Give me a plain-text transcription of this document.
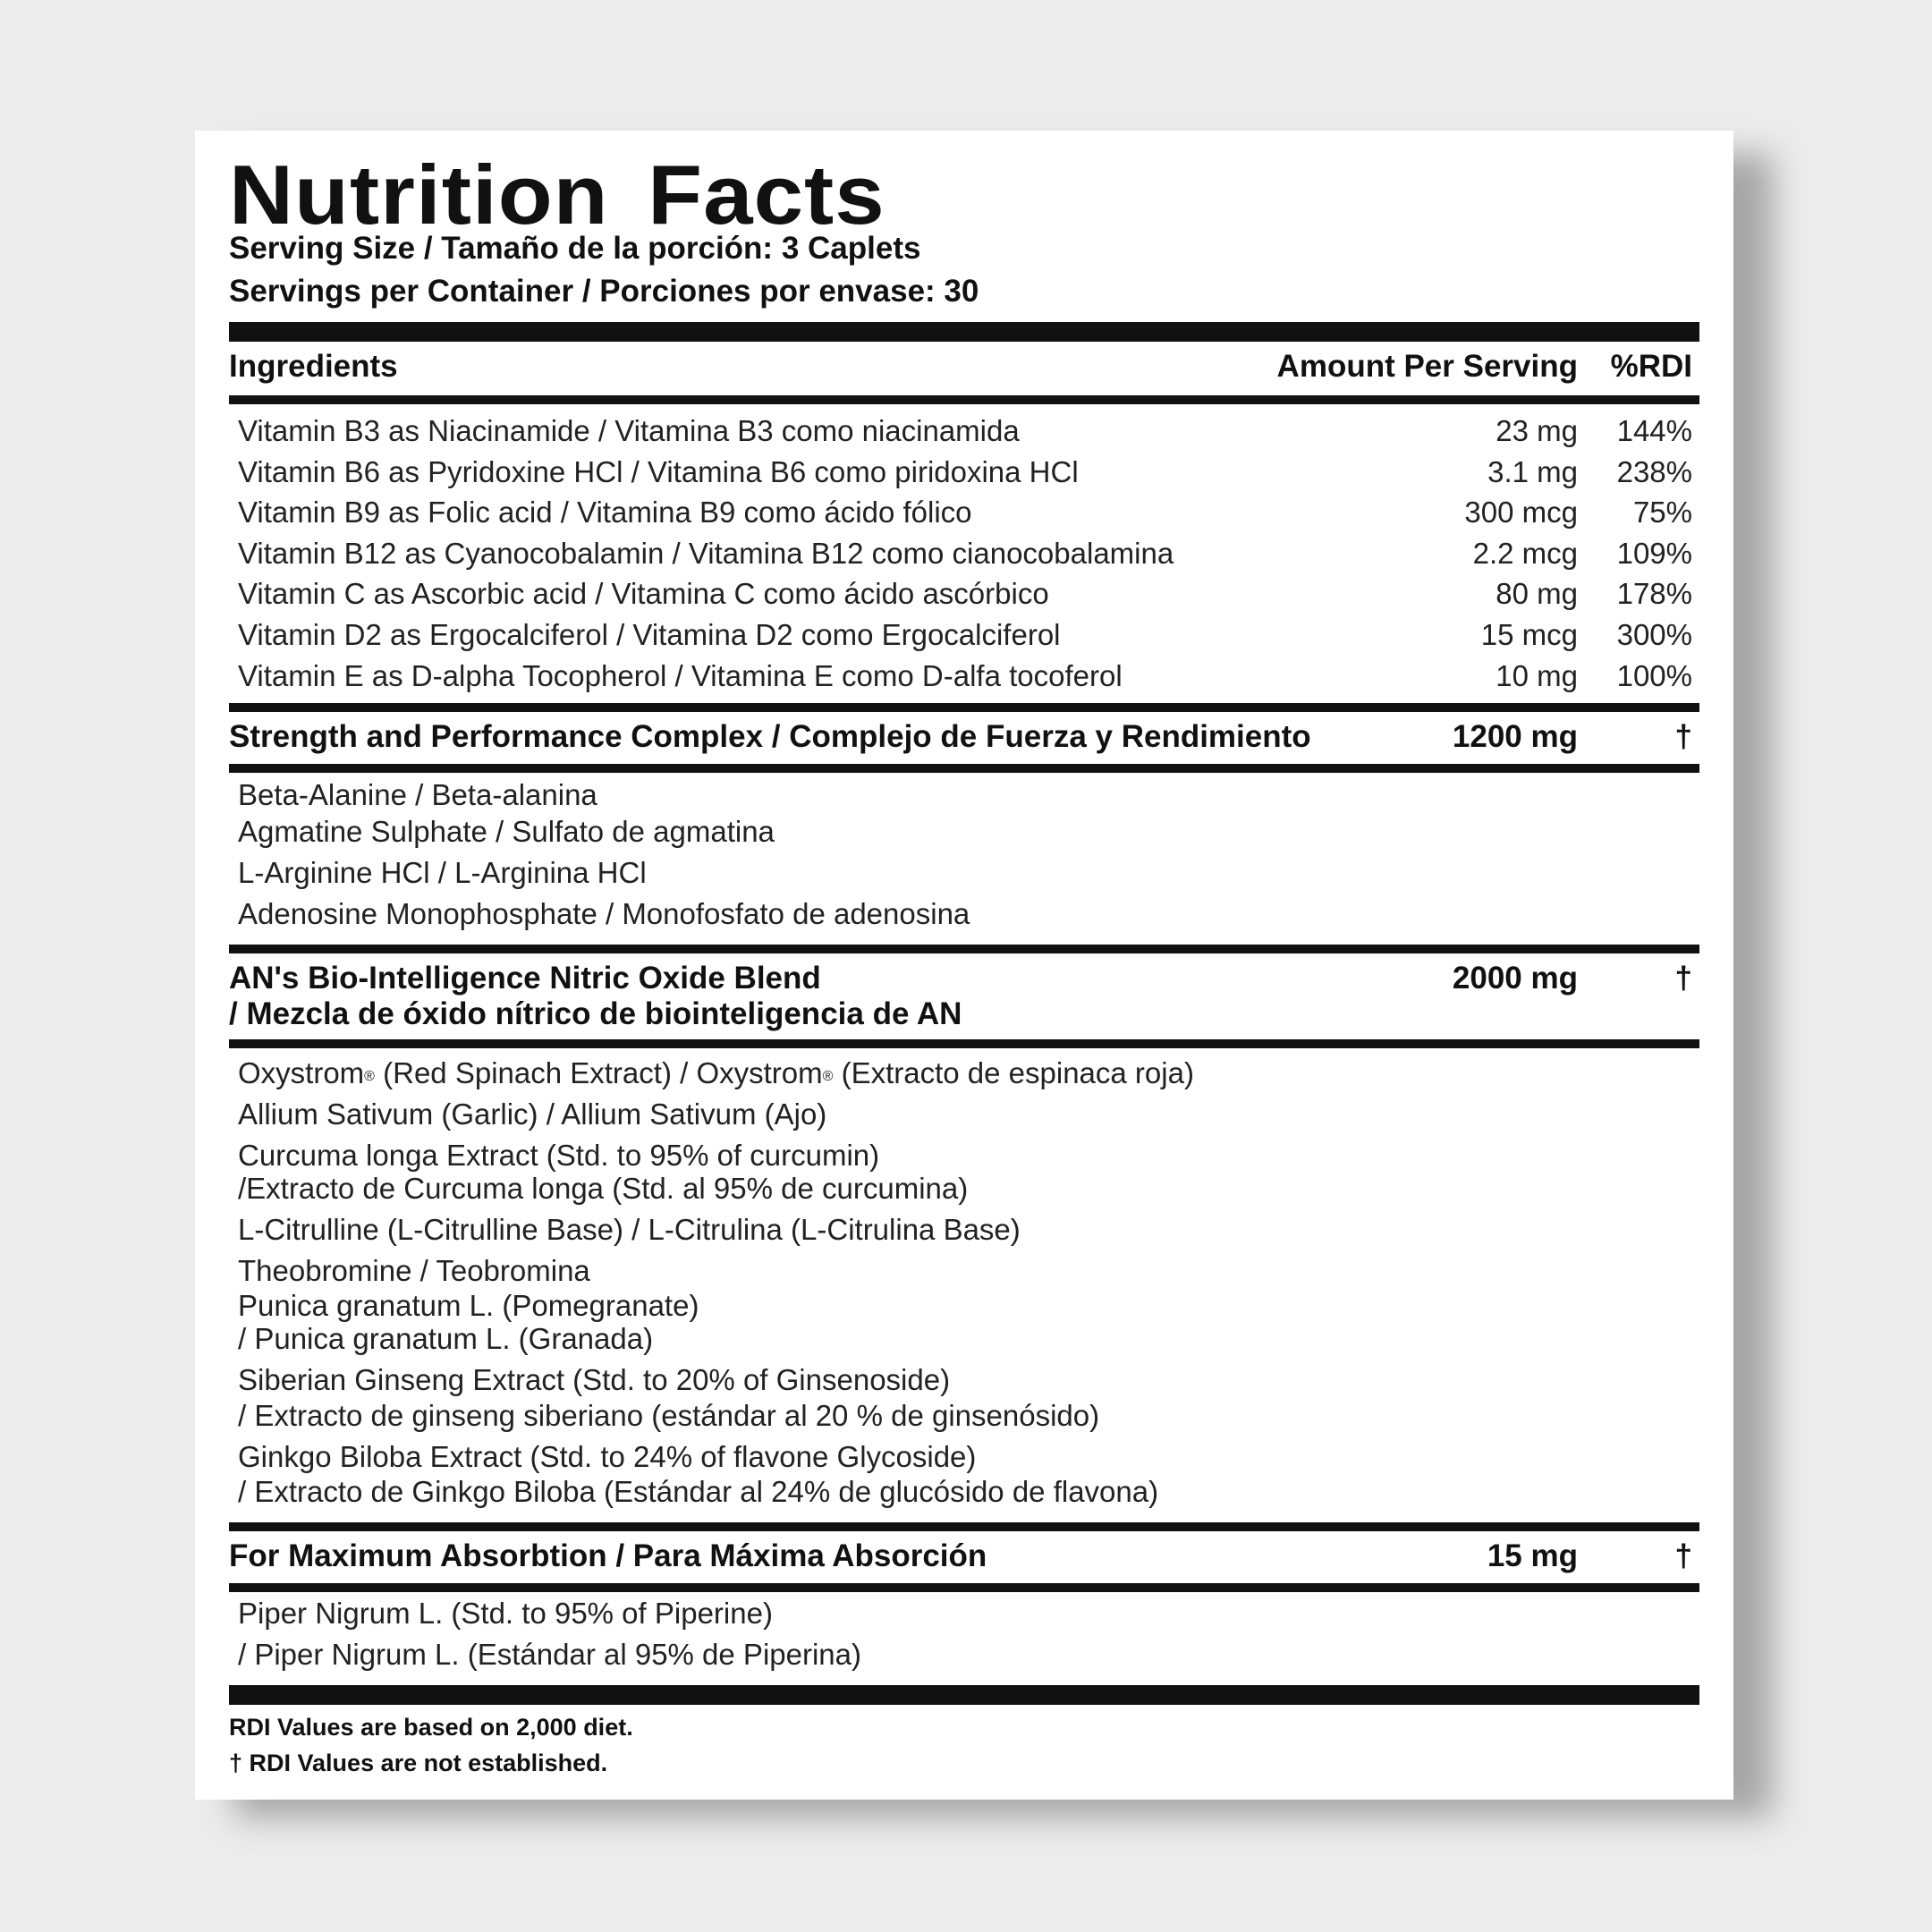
Nutrition Facts
Serving Size / Tamaño de la porción: 3 Caplets
Servings per Container / Porciones por envase: 30
Ingredients	Amount Per Serving %RDI
Vitamin B3 as Niacinamide / Vitamina B3 como niacinamida	23 mg 144%
Vitamin B6 as Pyridoxine HCl / Vitamina B6 como piridoxina HCl	3.1 mg 238%
Vitamin B9 as Folic acid / Vitamina B9 como ácido fólico	300 mcg 75%
Vitamin B12 as Cyanocobalamin / Vitamina B12 como cianocobalamina	2.2 mcg 109%
Vitamin C as Ascorbic acid / Vitamina C como ácido ascórbico	80 mg 178%
Vitamin D2 as Ergocalciferol / Vitamina D2 como Ergocalciferol	15 mcg 300%
Vitamin E as D-alpha Tocopherol / Vitamina E como D-alfa tocoferol	10 mg 100%
Strength and Performance Complex / Complejo de Fuerza y Rendimiento	1200 mg	†
Beta-Alanine / Beta-alanina
Agmatine Sulphate / Sulfato de agmatina
L-Arginine HCl / L-Arginina HCl
Adenosine Monophosphate / Monofosfato de adenosina
AN's Bio-Intelligence Nitric Oxide Blend	2000 mg	†
/ Mezcla de óxido nítrico de biointeligencia de AN
Oxystrom® (Red Spinach Extract) / Oxystrom® (Extracto de espinaca roja)
Allium Sativum (Garlic) / Allium Sativum (Ajo)
Curcuma longa Extract (Std. to 95% of curcumin)
/Extracto de Curcuma longa (Std. al 95% de curcumina)
L-Citrulline (L-Citrulline Base) / L-Citrulina (L-Citrulina Base)
Theobromine / Teobromina
Punica granatum L. (Pomegranate)
/ Punica granatum L. (Granada)
Siberian Ginseng Extract (Std. to 20% of Ginsenoside)
/ Extracto de ginseng siberiano (estándar al 20 % de ginsenósido)
Ginkgo Biloba Extract (Std. to 24% of flavone Glycoside)
/ Extracto de Ginkgo Biloba (Estándar al 24% de glucósido de flavona)
For Maximum Absorbtion / Para Máxima Absorción	15 mg	†
Piper Nigrum L. (Std. to 95% of Piperine)
/ Piper Nigrum L. (Estándar al 95% de Piperina)
RDI Values are based on 2,000 diet.
† RDI Values are not established.
